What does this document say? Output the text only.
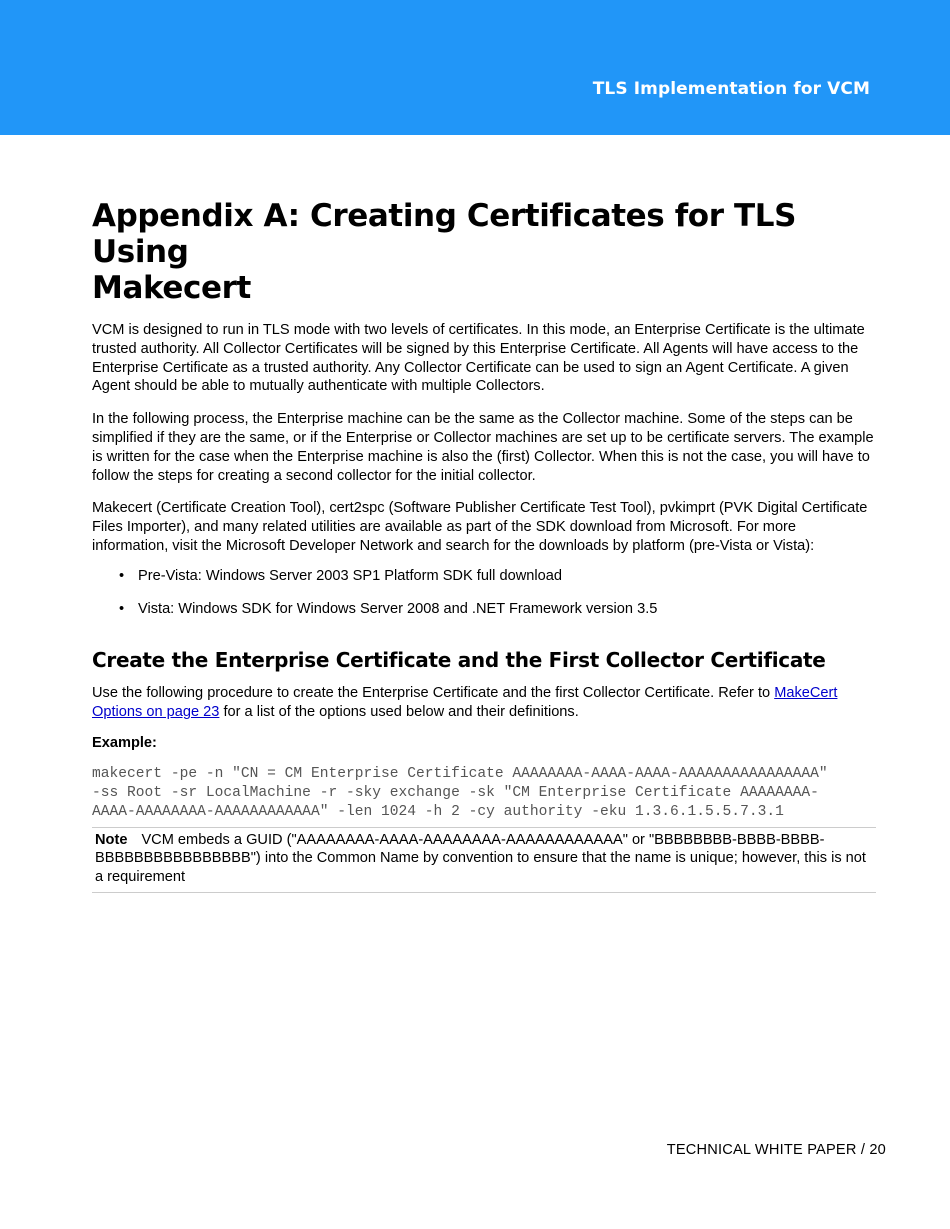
TLS Implementation for VCM
Appendix A: Creating Certificates for TLS Using
Makecert

VCM is designed to run in TLS mode with two levels of certificates. In this mode, an Enterprise Certificate is the ultimate trusted authority. All Collector Certificates will be signed by this Enterprise Certificate. All Agents will have access to the Enterprise Certificate as a trusted authority. Any Collector Certificate can be used to sign an Agent Certificate. A given Agent should be able to mutually authenticate with multiple Collectors.

In the following process, the Enterprise machine can be the same as the Collector machine. Some of the steps can be simplified if they are the same, or if the Enterprise or Collector machines are set up to be certificate servers. The example is written for the case when the Enterprise machine is also the (first) Collector. When this is not the case, you will have to follow the steps for creating a second collector for the initial collector.

Makecert (Certificate Creation Tool), cert2spc (Software Publisher Certificate Test Tool), pvkimprt (PVK Digital Certificate Files Importer), and many related utilities are available as part of the SDK download from Microsoft. For more information, visit the Microsoft Developer Network and search for the downloads by platform (pre-Vista or Vista):

• Pre-Vista: Windows Server 2003 SP1 Platform SDK full download
• Vista: Windows SDK for Windows Server 2008 and .NET Framework version 3.5
Create the Enterprise Certificate and the First Collector Certificate

Use the following procedure to create the Enterprise Certificate and the first Collector Certificate. Refer to MakeCert Options on page 23 for a list of the options used below and their definitions.

Example:
makecert -pe -n "CN = CM Enterprise Certificate AAAAAAAA-AAAA-AAAA-AAAAAAAAAAAAAAAA"
-ss Root -sr LocalMachine -r -sky exchange -sk "CM Enterprise Certificate AAAAAAAA-
AAAA-AAAAAAAA-AAAAAAAAAAAA" -len 1024 -h 2 -cy authority -eku 1.3.6.1.5.5.7.3.1
Note VCM embeds a GUID ("AAAAAAAA-AAAA-AAAAAAAA-AAAAAAAAAAAA" or "BBBBBBBB-BBBB-BBBB-BBBBBBBBBBBBBBBB") into the Common Name by convention to ensure that the name is unique; however, this is not a requirement
TECHNICAL WHITE PAPER / 20
